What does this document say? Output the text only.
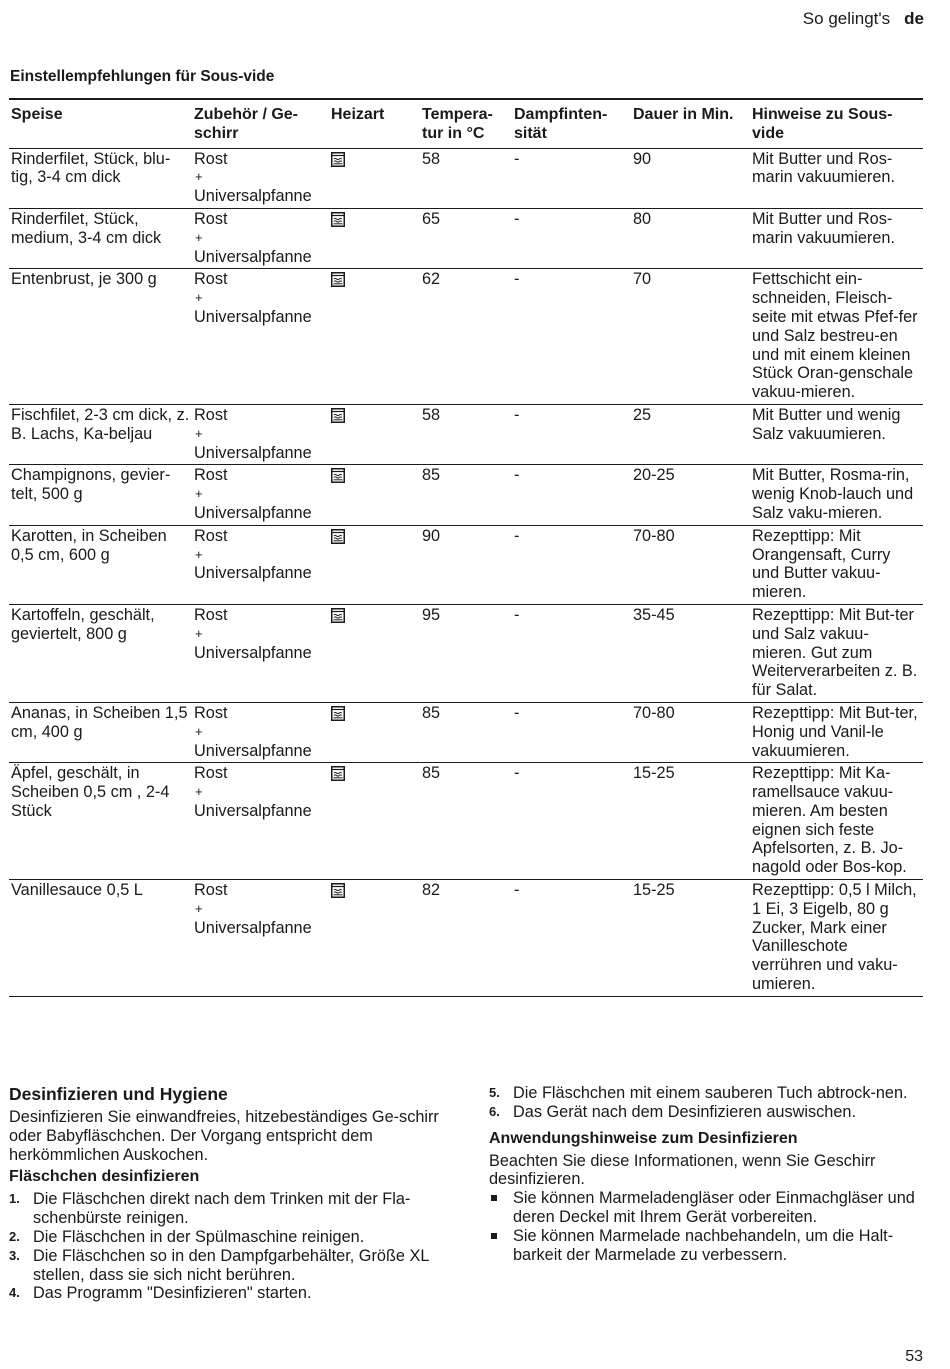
So gelingt's de
Einstellempfehlungen für Sous-vide
Speise	Zubehör / Ge-schirr	Heizart	Tempera-tur in °C	Dampfinten-sität	Dauer in Min.	Hinweise zu Sous-vide
Rinderfilet, Stück, blu-tig, 3-4 cm dick	Rost
+
Universalpfanne		58	-	90	Mit Butter und Ros-marin vakuumieren.
Rinderfilet, Stück, medium, 3-4 cm dick	Rost
+
Universalpfanne		65	-	80	Mit Butter und Ros-marin vakuumieren.
Entenbrust, je 300 g	Rost
+
Universalpfanne		62	-	70	Fettschicht ein-schneiden, Fleisch-seite mit etwas Pfef-fer und Salz bestreu-en und mit einem kleinen Stück Oran-genschale vakuu-mieren.
Fischfilet, 2-3 cm dick, z. B. Lachs, Ka-beljau	Rost
+
Universalpfanne		58	-	25	Mit Butter und wenig Salz vakuumieren.
Champignons, gevier-telt, 500 g	Rost
+
Universalpfanne		85	-	20-25	Mit Butter, Rosma-rin, wenig Knob-lauch und Salz vaku-mieren.
Karotten, in Scheiben 0,5 cm, 600 g	Rost
+
Universalpfanne		90	-	70-80	Rezepttipp: Mit Orangensaft, Curry und Butter vakuu-mieren.
Kartoffeln, geschält, geviertelt, 800 g	Rost
+
Universalpfanne		95	-	35-45	Rezepttipp: Mit But-ter und Salz vakuu-mieren. Gut zum Weiterverarbeiten z. B. für Salat.
Ananas, in Scheiben 1,5 cm, 400 g	Rost
+
Universalpfanne		85	-	70-80	Rezepttipp: Mit But-ter, Honig und Vanil-le vakuumieren.
Äpfel, geschält, in Scheiben 0,5 cm , 2-4 Stück	Rost
+
Universalpfanne		85	-	15-25	Rezepttipp: Mit Ka-ramellsauce vakuu-mieren. Am besten eignen sich feste Apfelsorten, z. B. Jo-nagold oder Bos-kop.
Vanillesauce 0,5 L	Rost
+
Universalpfanne		82	-	15-25	Rezepttipp: 0,5 l Milch, 1 Ei, 3 Eigelb, 80 g Zucker, Mark einer Vanilleschote verrühren und vaku-umieren.
Desinfizieren und Hygiene

Desinfizieren Sie einwandfreies, hitzebeständiges Ge-schirr oder Babyfläschchen. Der Vorgang entspricht dem herkömmlichen Auskochen.

Fläschchen desinfizieren
1. Die Fläschchen direkt nach dem Trinken mit der Fla-schenbürste reinigen.
2. Die Fläschchen in der Spülmaschine reinigen.
3. Die Fläschchen so in den Dampfgarbehälter, Größe XL stellen, dass sie sich nicht berühren.
4. Das Programm "Desinfizieren" starten.
5. Die Fläschchen mit einem sauberen Tuch abtrock-nen.
6. Das Gerät nach dem Desinfizieren auswischen.
Anwendungshinweise zum Desinfizieren

Beachten Sie diese Informationen, wenn Sie Geschirr desinfizieren.

Sie können Marmeladengläser oder Einmachgläser und deren Deckel mit Ihrem Gerät vorbereiten.
Sie können Marmelade nachbehandeln, um die Halt-barkeit der Marmelade zu verbessern.
53
